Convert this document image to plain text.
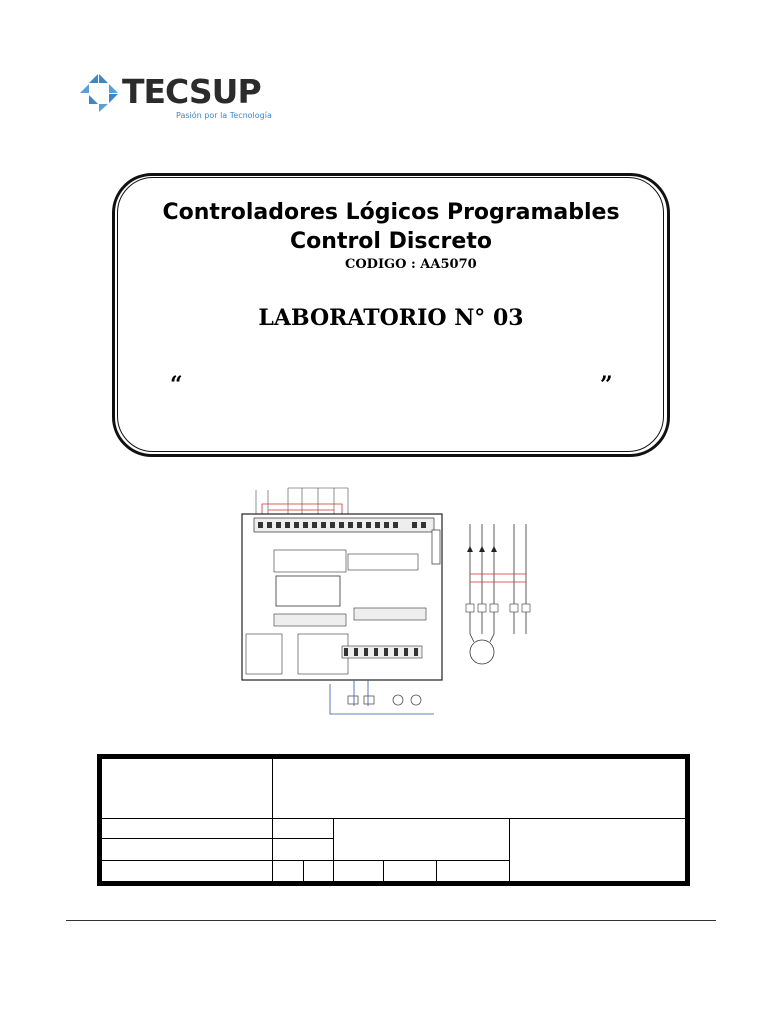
TECSUP
Pasión por la Tecnología
Controladores Lógicos Programables
Control Discreto
CODIGO : AA5070
LABORATORIO N° 03
“	”
